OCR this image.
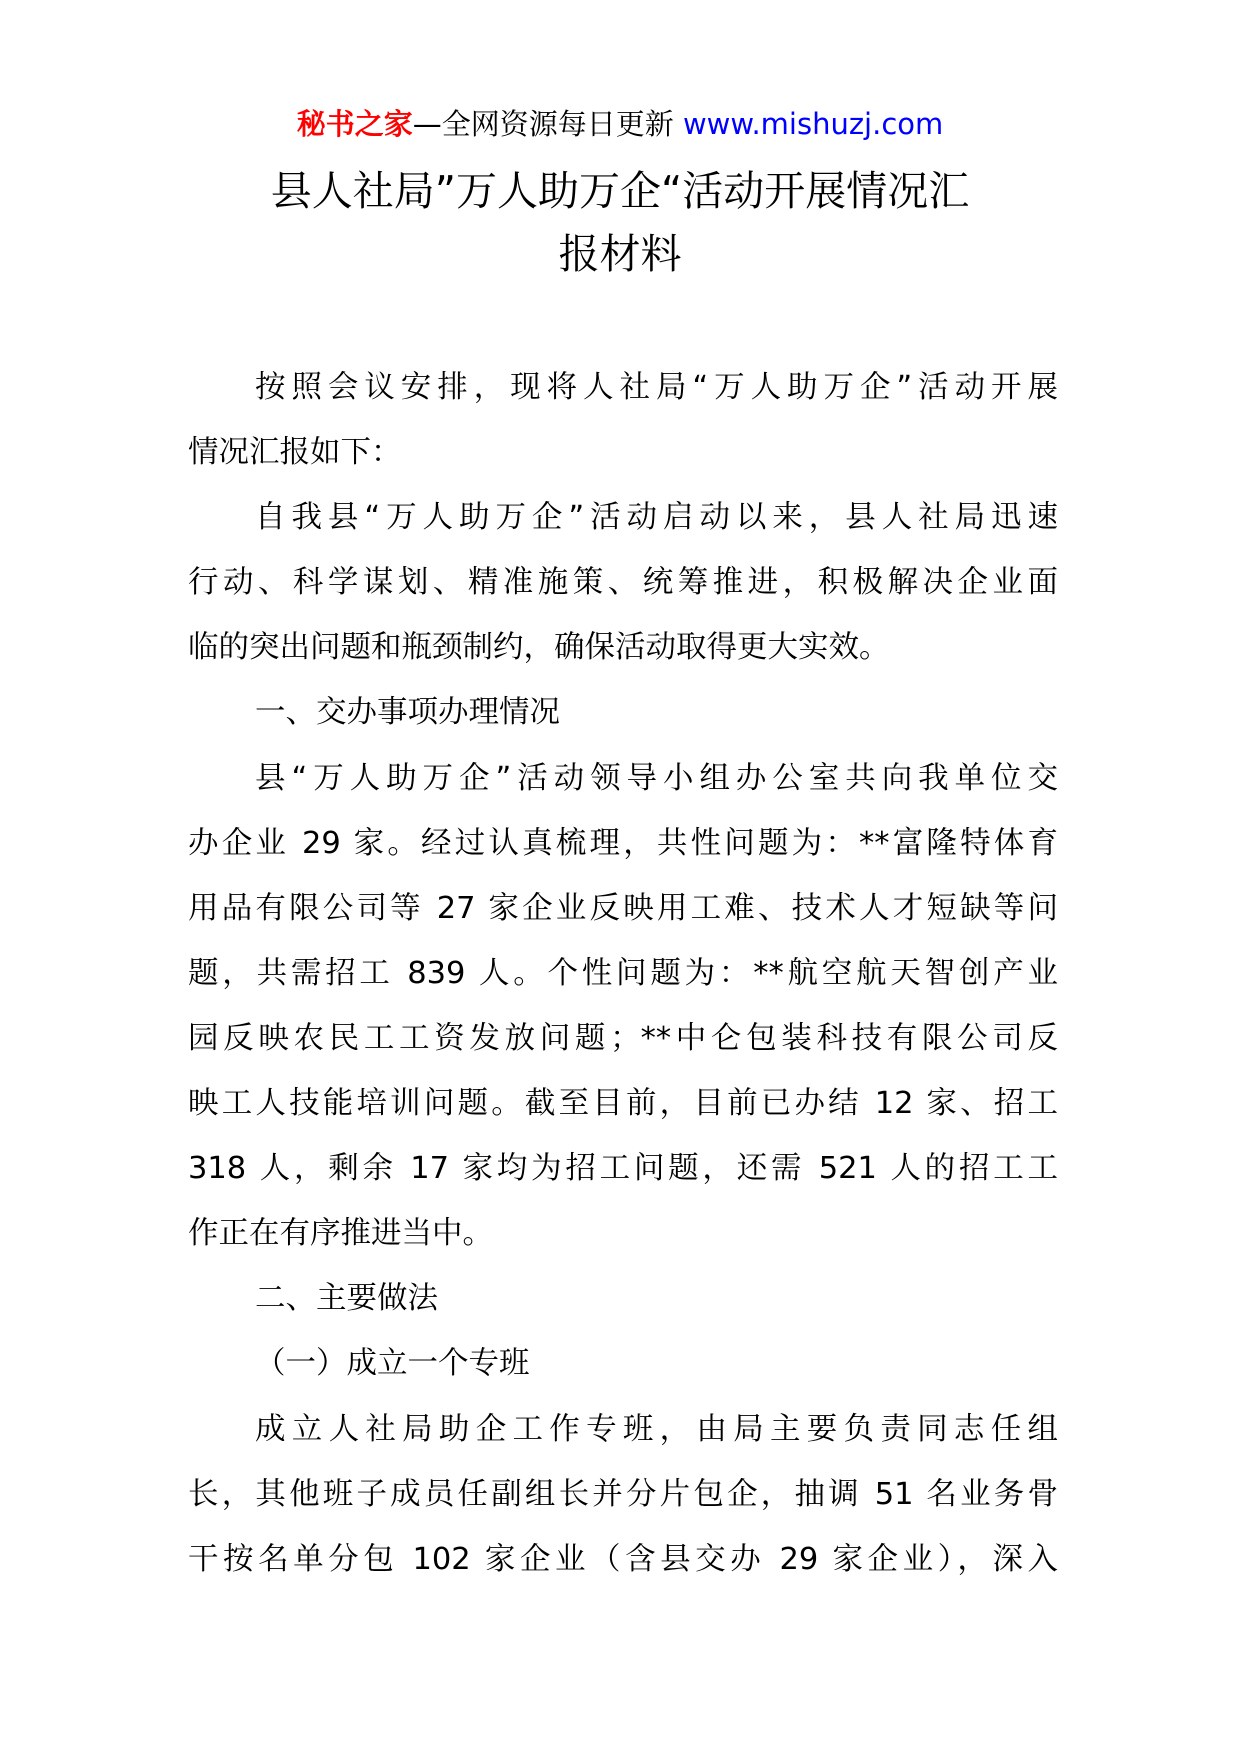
秘书之家—全网资源每日更新 www.mishuzj.com
县人社局”万人助万企“活动开展情况汇
报材料
按照会议安排，现将人社局“万人助万企”活动开展
情况汇报如下：
自我县“万人助万企”活动启动以来，县人社局迅速
行动、科学谋划、精准施策、统筹推进，积极解决企业面
临的突出问题和瓶颈制约，确保活动取得更大实效。
一、交办事项办理情况
县“万人助万企”活动领导小组办公室共向我单位交
办企业 29 家。经过认真梳理，共性问题为：**富隆特体育
用品有限公司等 27 家企业反映用工难、技术人才短缺等问
题，共需招工 839 人。个性问题为：**航空航天智创产业
园反映农民工工资发放问题；**中仑包装科技有限公司反
映工人技能培训问题。截至目前，目前已办结 12 家、招工
318 人，剩余 17 家均为招工问题，还需 521 人的招工工
作正在有序推进当中。
二、主要做法
（一）成立一个专班
成立人社局助企工作专班，由局主要负责同志任组
长，其他班子成员任副组长并分片包企，抽调 51 名业务骨
干按名单分包 102 家企业（含县交办 29 家企业），深入
